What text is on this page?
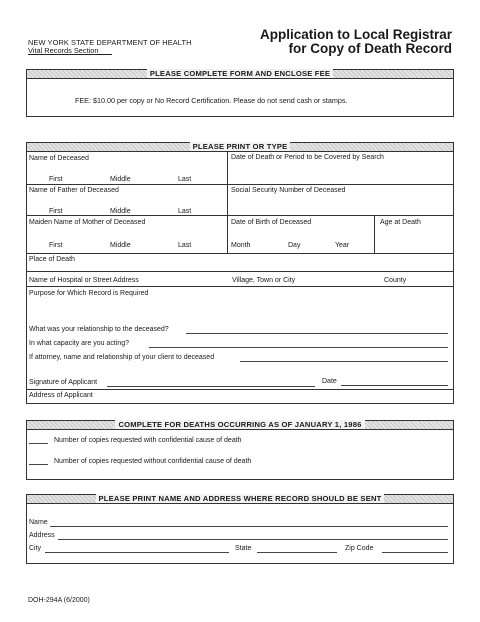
NEW YORK STATE DEPARTMENT OF HEALTH
Vital Records Section
Application to Local Registrar
for Copy of Death Record
PLEASE COMPLETE FORM AND ENCLOSE FEE
FEE: $10.00 per copy or No Record Certification. Please do not send cash or stamps.
PLEASE PRINT OR TYPE
Name of Deceased	Date of Death or Period to be Covered by Search
First	Middle	Last
Name of Father of Deceased	Social Security Number of Deceased
First	Middle	Last
Maiden Name of Mother of Deceased	Date of Birth of Deceased	Age at Death
First	Middle	Last	Month	Day	Year
Place of Death
Name of Hospital or Street Address	Village, Town or City	County
Purpose for Which Record is Required
What was your relationship to the deceased?
In what capacity are you acting?
If attorney, name and relationship of your client to deceased
Signature of Applicant	Date
Address of Applicant
COMPLETE FOR DEATHS OCCURRING AS OF JANUARY 1, 1986
Number of copies requested with confidential cause of death
Number of copies requested without confidential cause of death
PLEASE PRINT NAME AND ADDRESS WHERE RECORD SHOULD BE SENT
Name
Address
City	State	Zip Code
DOH-294A (6/2000)
